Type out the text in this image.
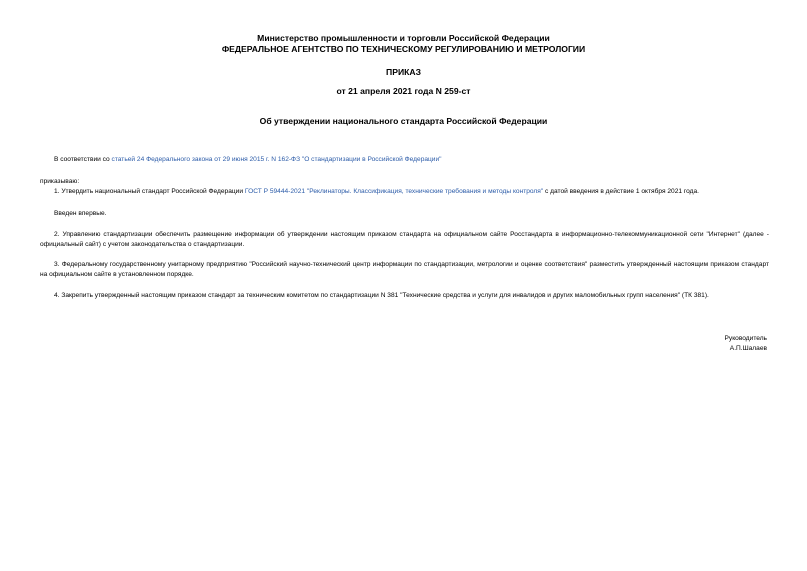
Министерство промышленности и торговли Российской Федерации
ФЕДЕРАЛЬНОЕ АГЕНТСТВО ПО ТЕХНИЧЕСКОМУ РЕГУЛИРОВАНИЮ И МЕТРОЛОГИИ
ПРИКАЗ
от 21 апреля 2021 года N 259-ст
Об утверждении национального стандарта Российской Федерации
В соответствии со статьей 24 Федерального закона от 29 июня 2015 г. N 162-ФЗ "О стандартизации в Российской Федерации"
приказываю:
1. Утвердить национальный стандарт Российской Федерации ГОСТ Р 59444-2021 "Реклинаторы. Классификация, технические требования и методы контроля" с датой введения в действие 1 октября 2021 года.
Введен впервые.
2. Управлению стандартизации обеспечить размещение информации об утверждении настоящим приказом стандарта на официальном сайте Росстандарта в информационно-телекоммуникационной сети "Интернет" (далее - официальный сайт) с учетом законодательства о стандартизации.
3. Федеральному государственному унитарному предприятию "Российский научно-технический центр информации по стандартизации, метрологии и оценке соответствия" разместить утвержденный настоящим приказом стандарт на официальном сайте в установленном порядке.
4. Закрепить утвержденный настоящим приказом стандарт за техническим комитетом по стандартизации N 381 "Технические средства и услуги для инвалидов и других маломобильных групп населения" (ТК 381).
Руководитель
А.П.Шалаев
